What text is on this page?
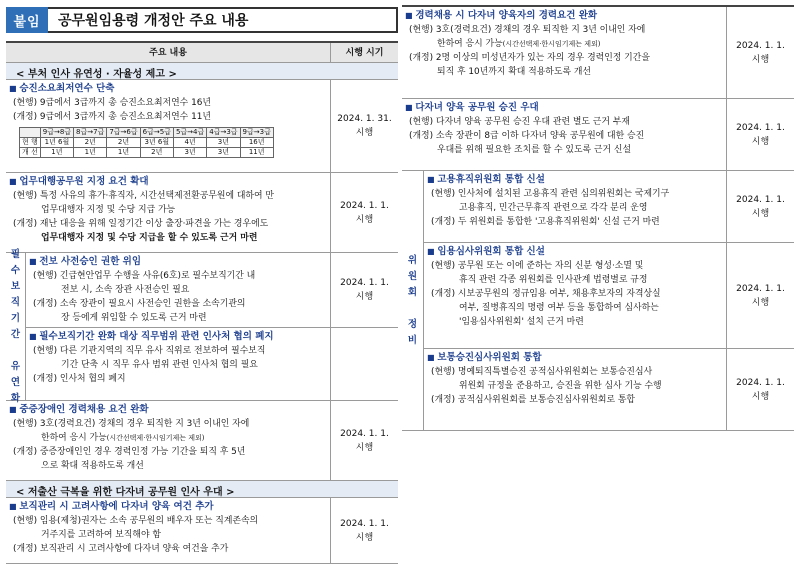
붙임	공무원임용령 개정안 주요 내용
주요 내용	시행 시기
< 부처 인사 유연성 · 자율성 제고 >
■ 승진소요최저연수 단축
(현행) 9급에서 3급까지 총 승진소요최저연수 16년
(개정) 9급에서 3급까지 총 승진소요최저연수 11년
	9급→8급	8급→7급	7급→6급	6급→5급	5급→4급	4급→3급	9급→3급
현 행	1년 6월	2년	2년	3년 6월	4년	3년	16년
개 선	1년	1년	1년	2년	3년	3년	11년
2024. 1. 31.
시행
■ 업무대행공무원 지정 요건 확대
(현행) 특정 사유의 휴가·휴직자, 시간선택제전환공무원에 대하여 만
업무대행자 지정 및 수당 지급 가능
(개정) 재난 대응을 위해 일정기간 이상 출장·파견을 가는 경우에도
업무대행자 지정 및 수당 지급을 할 수 있도록 근거 마련
2024. 1. 1.
시행
필
수
보
직
기
간

유
연
화
■ 전보 사전승인 권한 위임
(현행) 긴급현안업무 수행을 사유(6호)로 필수보직기간 내
전보 시, 소속 장관 사전승인 필요
(개정) 소속 장관이 필요시 사전승인 권한을 소속기관의
장 등에게 위임할 수 있도록 근거 마련
2024. 1. 1.
시행
■ 필수보직기간 완화 대상 직무범위 관련 인사처 협의 폐지
(현행) 다른 기관지역의 직무 유사 직위로 전보하여 필수보직
기간 단축 시 직무 유사 범위 관련 인사처 협의 필요
(개정) 인사처 협의 폐지
■ 중증장애인 경력채용 요건 완화
(현행) 3호(경력요건) 경채의 경우 퇴직한 지 3년 이내인 자에
한하여 응시 가능(시간선택제·한시임기제는 제외)
(개정) 중증장애인인 경우 경력인정 가능 기간을 퇴직 후 5년
으로 확대 적용하도록 개선
2024. 1. 1.
시행
< 저출산 극복을 위한 다자녀 공무원 인사 우대 >
■ 보직관리 시 고려사항에 다자녀 양육 여건 추가
(현행) 임용(제청)권자는 소속 공무원의 배우자 또는 직계존속의
거주지를 고려하여 보직해야 함
(개정) 보직관리 시 고려사항에 다자녀 양육 여건을 추가
2024. 1. 1.
시행
■ 경력채용 시 다자녀 양육자의 경력요건 완화
(현행) 3호(경력요건) 경채의 경우 퇴직한 지 3년 이내인 자에
한하여 응시 가능(시간선택제·한시임기제는 제외)
(개정) 2명 이상의 미성년자가 있는 자의 경우 경력인정 기간을
퇴직 후 10년까지 확대 적용하도록 개선
2024. 1. 1.
시행
■ 다자녀 양육 공무원 승진 우대
(현행) 다자녀 양육 공무원 승진 우대 관련 별도 근거 부재
(개정) 소속 장관이 8급 이하 다자녀 양육 공무원에 대한 승진
우대를 위해 필요한 조치를 할 수 있도록 근거 신설
2024. 1. 1.
시행
위
원
회

정
비
■ 고용휴직위원회 통합 신설
(현행) 인사처에 설치된 고용휴직 관련 심의위원회는 국제기구
고용휴직, 민간근무휴직 관련으로 각각 분리 운영
(개정) 두 위원회를 통합한 '고용휴직위원회' 신설 근거 마련
2024. 1. 1.
시행
■ 임용심사위원회 통합 신설
(현행) 공무원 또는 이에 준하는 자의 신분 형성·소멸 및
휴직 관련 각종 위원회를 인사관계 법령별로 규정
(개정) 시보공무원의 정규임용 여부, 채용후보자의 자격상실
여부, 질병휴직의 명령 여부 등을 통합하여 심사하는
'임용심사위원회' 설치 근거 마련
2024. 1. 1.
시행
■ 보통승진심사위원회 통합
(현행) 명예퇴직특별승진 공적심사위원회는 보통승진심사
위원회 규정을 준용하고, 승진을 위한 심사 기능 수행
(개정) 공적심사위원회를 보통승진심사위원회로 통합
2024. 1. 1.
시행
